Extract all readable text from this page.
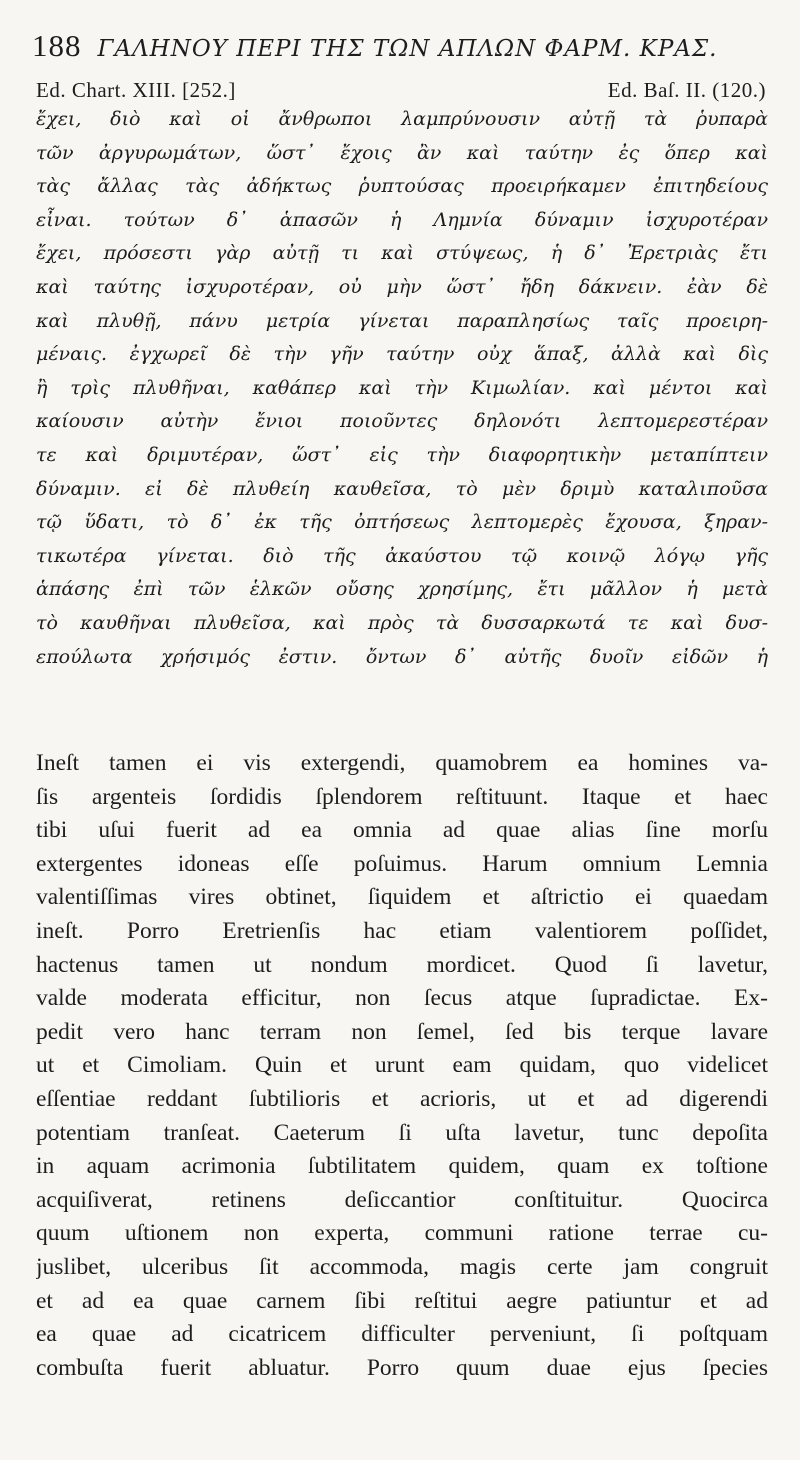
188 ΓΑΛΗΝΟΥ ΠΕΡΙ ΤΗΣ ΤΩΝ ΑΠΛΩΝ ΦΑΡΜ. ΚΡΑΣ.
Ed. Chart. XIII. [252.]	Ed. Baſ. II. (120.)
ἔχει, διὸ καὶ οἱ ἄνθρωποι λαμπρύνουσιν αὐτῇ τὰ ῥυπαρὰ
τῶν ἀργυρωμάτων, ὥστ᾽ ἔχοις ἂν καὶ ταύτην ἐς ὅπερ καὶ
τὰς ἄλλας τὰς ἀδήκτως ῥυπτούσας προειρήκαμεν ἐπιτηδείους
εἶναι. τούτων δ᾽ ἁπασῶν ἡ Λημνία δύναμιν ἰσχυροτέραν
ἔχει, πρόσεστι γὰρ αὐτῇ τι καὶ στύψεως, ἡ δ᾽ Ἐρετριὰς ἔτι
καὶ ταύτης ἰσχυροτέραν, οὐ μὴν ὥστ᾽ ἤδη δάκνειν. ἐὰν δὲ
καὶ πλυθῇ, πάνυ μετρία γίνεται παραπλησίως ταῖς προειρη-
μέναις. ἐγχωρεῖ δὲ τὴν γῆν ταύτην οὐχ ἅπαξ, ἀλλὰ καὶ δὶς
ἢ τρὶς πλυθῆναι, καθάπερ καὶ τὴν Κιμωλίαν. καὶ μέντοι καὶ
καίουσιν αὐτὴν ἔνιοι ποιοῦντες δηλονότι λεπτομερεστέραν
τε καὶ δριμυτέραν, ὥστ᾽ εἰς τὴν διαφορητικὴν μεταπίπτειν
δύναμιν. εἰ δὲ πλυθείη καυθεῖσα, τὸ μὲν δριμὺ καταλιποῦσα
τῷ ὕδατι, τὸ δ᾽ ἐκ τῆς ὀπτήσεως λεπτομερὲς ἔχουσα, ξηραν-
τικωτέρα γίνεται. διὸ τῆς ἀκαύστου τῷ κοινῷ λόγῳ γῆς
ἁπάσης ἐπὶ τῶν ἑλκῶν οὔσης χρησίμης, ἔτι μᾶλλον ἡ μετὰ
τὸ καυθῆναι πλυθεῖσα, καὶ πρὸς τὰ δυσσαρκωτά τε καὶ δυσ-
επούλωτα χρήσιμός ἐστιν. ὄντων δ᾽ αὐτῆς δυοῖν εἰδῶν ἡ
Ineſt tamen ei vis extergendi, quamobrem ea homines va-
ſis argenteis ſordidis ſplendorem reſtituunt. Itaque et haec
tibi uſui fuerit ad ea omnia ad quae alias ſine morſu
extergentes idoneas eſſe poſuimus. Harum omnium Lemnia
valentiſſimas vires obtinet, ſiquidem et aſtrictio ei quaedam
ineſt. Porro Eretrienſis hac etiam valentiorem poſſidet,
hactenus tamen ut nondum mordicet. Quod ſi lavetur,
valde moderata efficitur, non ſecus atque ſupradictae. Ex-
pedit vero hanc terram non ſemel, ſed bis terque lavare
ut et Cimoliam. Quin et urunt eam quidam, quo videlicet
eſſentiae reddant ſubtilioris et acrioris, ut et ad digerendi
potentiam tranſeat. Caeterum ſi uſta lavetur, tunc depoſita
in aquam acrimonia ſubtilitatem quidem, quam ex toſtione
acquiſiverat, retinens deſiccantior conſtituitur. Quocirca
quum uſtionem non experta, communi ratione terrae cu-
juslibet, ulceribus ſit accommoda, magis certe jam congruit
et ad ea quae carnem ſibi reſtitui aegre patiuntur et ad
ea quae ad cicatricem difficulter perveniunt, ſi poſtquam
combuſta fuerit abluatur. Porro quum duae ejus ſpecies
